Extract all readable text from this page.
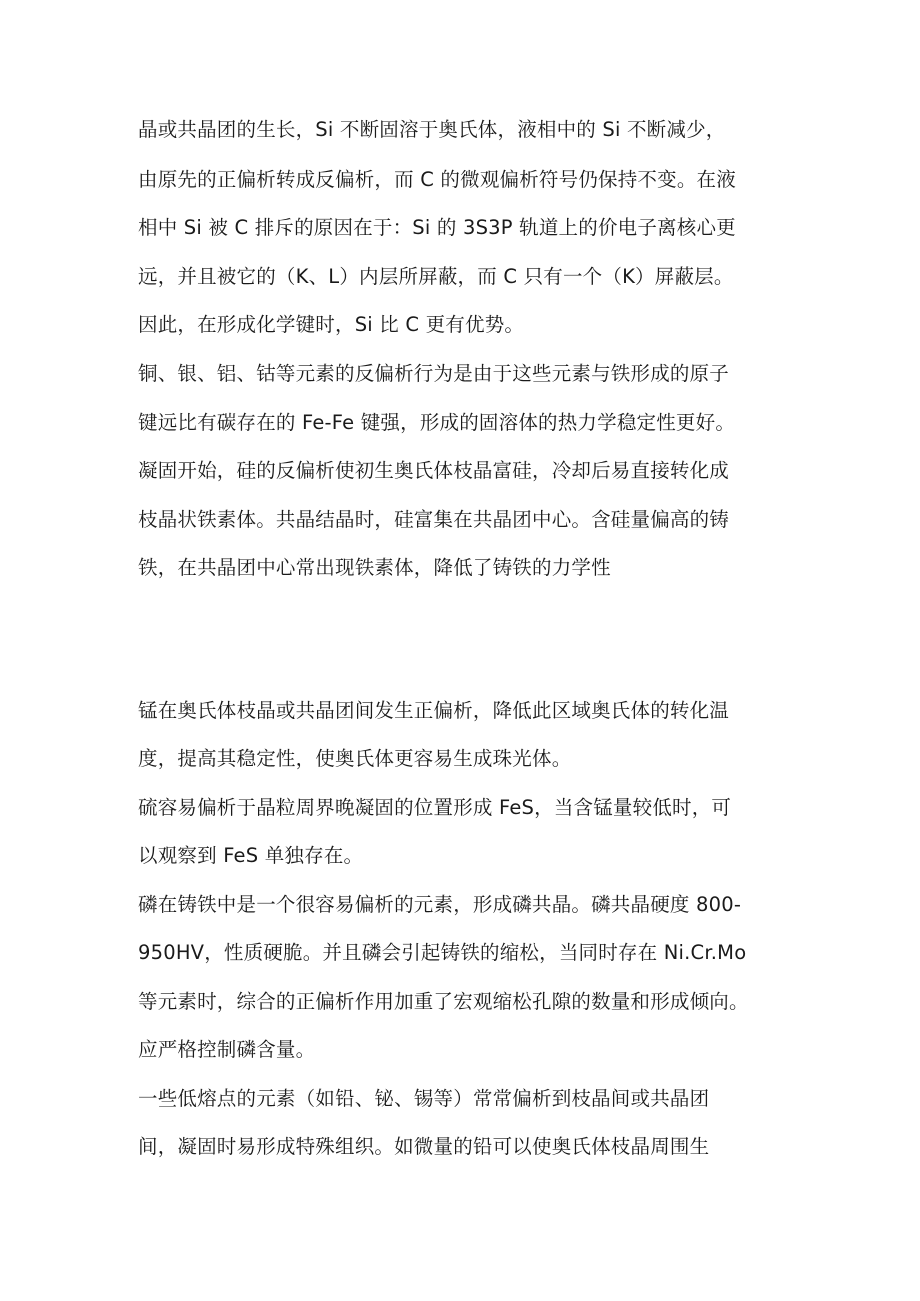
晶或共晶团的生长，Si 不断固溶于奥氏体，液相中的 Si 不断减少，
由原先的正偏析转成反偏析，而 C 的微观偏析符号仍保持不变。在液
相中 Si 被 C 排斥的原因在于：Si 的 3S3P 轨道上的价电子离核心更
远，并且被它的（K、L）内层所屏蔽，而 C 只有一个（K）屏蔽层。
因此，在形成化学键时，Si 比 C 更有优势。
铜、银、铝、钴等元素的反偏析行为是由于这些元素与铁形成的原子
键远比有碳存在的 Fe-Fe 键强，形成的固溶体的热力学稳定性更好。
凝固开始，硅的反偏析使初生奥氏体枝晶富硅，冷却后易直接转化成
枝晶状铁素体。共晶结晶时，硅富集在共晶团中心。含硅量偏高的铸
铁，在共晶团中心常出现铁素体，降低了铸铁的力学性
锰在奥氏体枝晶或共晶团间发生正偏析，降低此区域奥氏体的转化温
度，提高其稳定性，使奥氏体更容易生成珠光体。
硫容易偏析于晶粒周界晚凝固的位置形成 FeS，当含锰量较低时，可
以观察到 FeS 单独存在。
磷在铸铁中是一个很容易偏析的元素，形成磷共晶。磷共晶硬度 800-
950HV，性质硬脆。并且磷会引起铸铁的缩松，当同时存在 Ni.Cr.Mo
等元素时，综合的正偏析作用加重了宏观缩松孔隙的数量和形成倾向。
应严格控制磷含量。
一些低熔点的元素（如铅、铋、锡等）常常偏析到枝晶间或共晶团
间，凝固时易形成特殊组织。如微量的铅可以使奥氏体枝晶周围生
